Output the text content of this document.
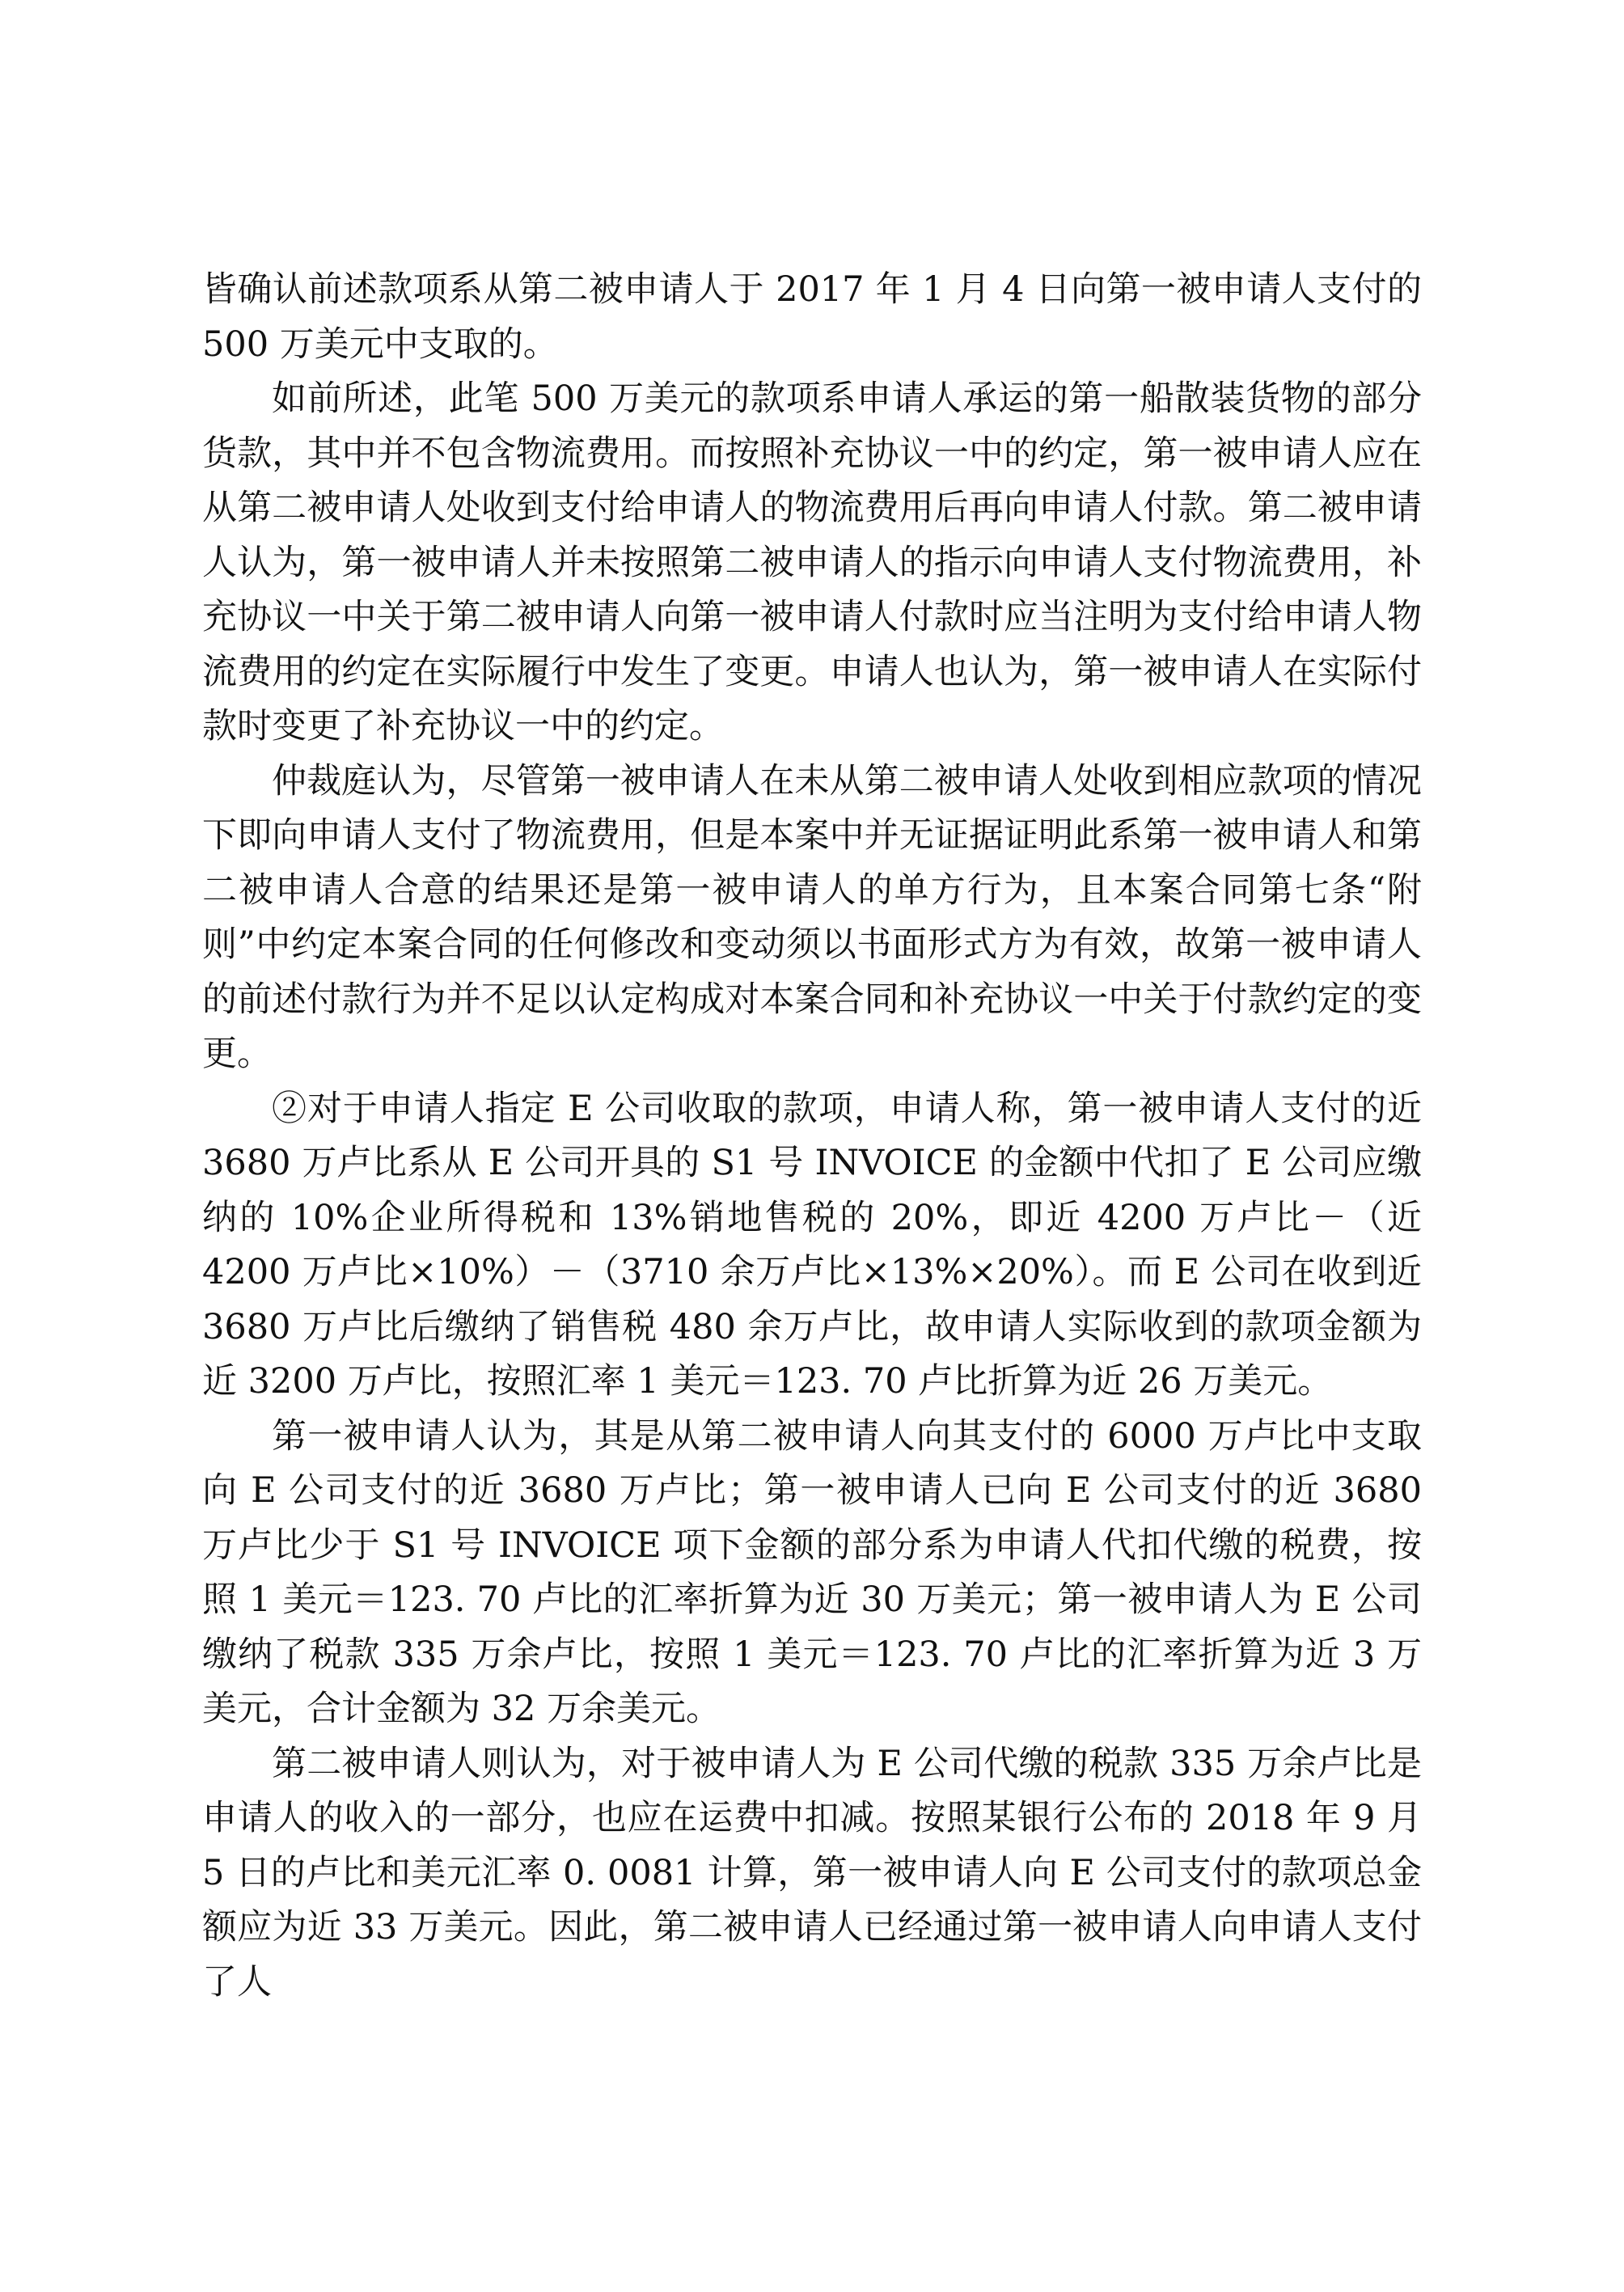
皆确认前述款项系从第二被申请人于 2017 年 1 月 4 日向第一被申请人支付的 500 万美元中支取的。

如前所述，此笔 500 万美元的款项系申请人承运的第一船散装货物的部分货款，其中并不包含物流费用。而按照补充协议一中的约定，第一被申请人应在从第二被申请人处收到支付给申请人的物流费用后再向申请人付款。第二被申请人认为，第一被申请人并未按照第二被申请人的指示向申请人支付物流费用，补充协议一中关于第二被申请人向第一被申请人付款时应当注明为支付给申请人物流费用的约定在实际履行中发生了变更。申请人也认为，第一被申请人在实际付款时变更了补充协议一中的约定。

仲裁庭认为，尽管第一被申请人在未从第二被申请人处收到相应款项的情况下即向申请人支付了物流费用，但是本案中并无证据证明此系第一被申请人和第二被申请人合意的结果还是第一被申请人的单方行为，且本案合同第七条“附则”中约定本案合同的任何修改和变动须以书面形式方为有效，故第一被申请人的前述付款行为并不足以认定构成对本案合同和补充协议一中关于付款约定的变更。

②对于申请人指定 E 公司收取的款项，申请人称，第一被申请人支付的近 3680 万卢比系从 E 公司开具的 S1 号 INVOICE 的金额中代扣了 E 公司应缴纳的 10%企业所得税和 13%销地售税的 20%，即近 4200 万卢比－（近 4200 万卢比×10%）－（3710 余万卢比×13%×20%）。而 E 公司在收到近 3680 万卢比后缴纳了销售税 480 余万卢比，故申请人实际收到的款项金额为近 3200 万卢比，按照汇率 1 美元＝123. 70 卢比折算为近 26 万美元。

第一被申请人认为，其是从第二被申请人向其支付的 6000 万卢比中支取向 E 公司支付的近 3680 万卢比；第一被申请人已向 E 公司支付的近 3680 万卢比少于 S1 号 INVOICE 项下金额的部分系为申请人代扣代缴的税费，按照 1 美元＝123. 70 卢比的汇率折算为近 30 万美元；第一被申请人为 E 公司缴纳了税款 335 万余卢比，按照 1 美元＝123. 70 卢比的汇率折算为近 3 万美元，合计金额为 32 万余美元。

第二被申请人则认为，对于被申请人为 E 公司代缴的税款 335 万余卢比是申请人的收入的一部分，也应在运费中扣减。按照某银行公布的 2018 年 9 月 5 日的卢比和美元汇率 0. 0081 计算，第一被申请人向 E 公司支付的款项总金额应为近 33 万美元。因此，第二被申请人已经通过第一被申请人向申请人支付了人
